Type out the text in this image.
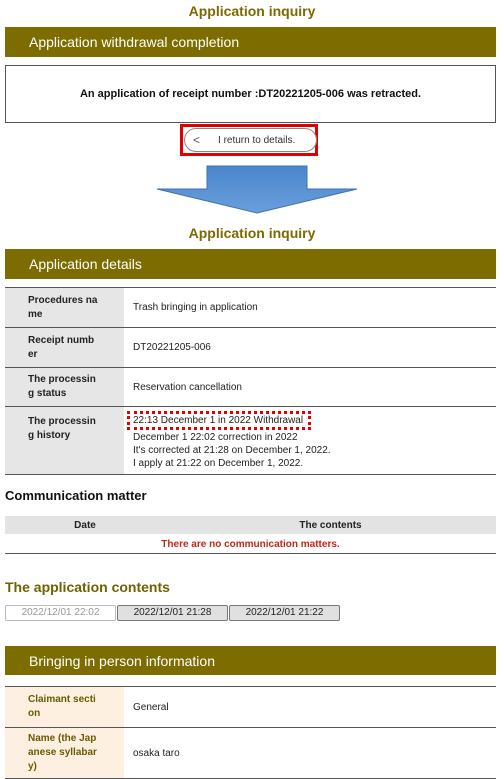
Application inquiry
Application withdrawal completion
An application of receipt number :DT20221205-006 was retracted.
< I return to details.
Application inquiry
Application details
Procedures na
me	Trash bringing in application
Receipt numb
er	DT20221205-006
The processin
g status	Reservation cancellation
The processin
g history	22:13 December 1 in 2022 Withdrawal
December 1 22:02 correction in 2022
It's corrected at 21:28 on December 1, 2022.
I apply at 21:22 on December 1, 2022.
Communication matter
Date	The contents
There are no communication matters.
The application contents
2022/12/01 22:02	2022/12/01 21:28	2022/12/01 21:22
Bringing in person information
Claimant secti
on	General
Name (the Jap
anese syllabar
y)	osaka taro
